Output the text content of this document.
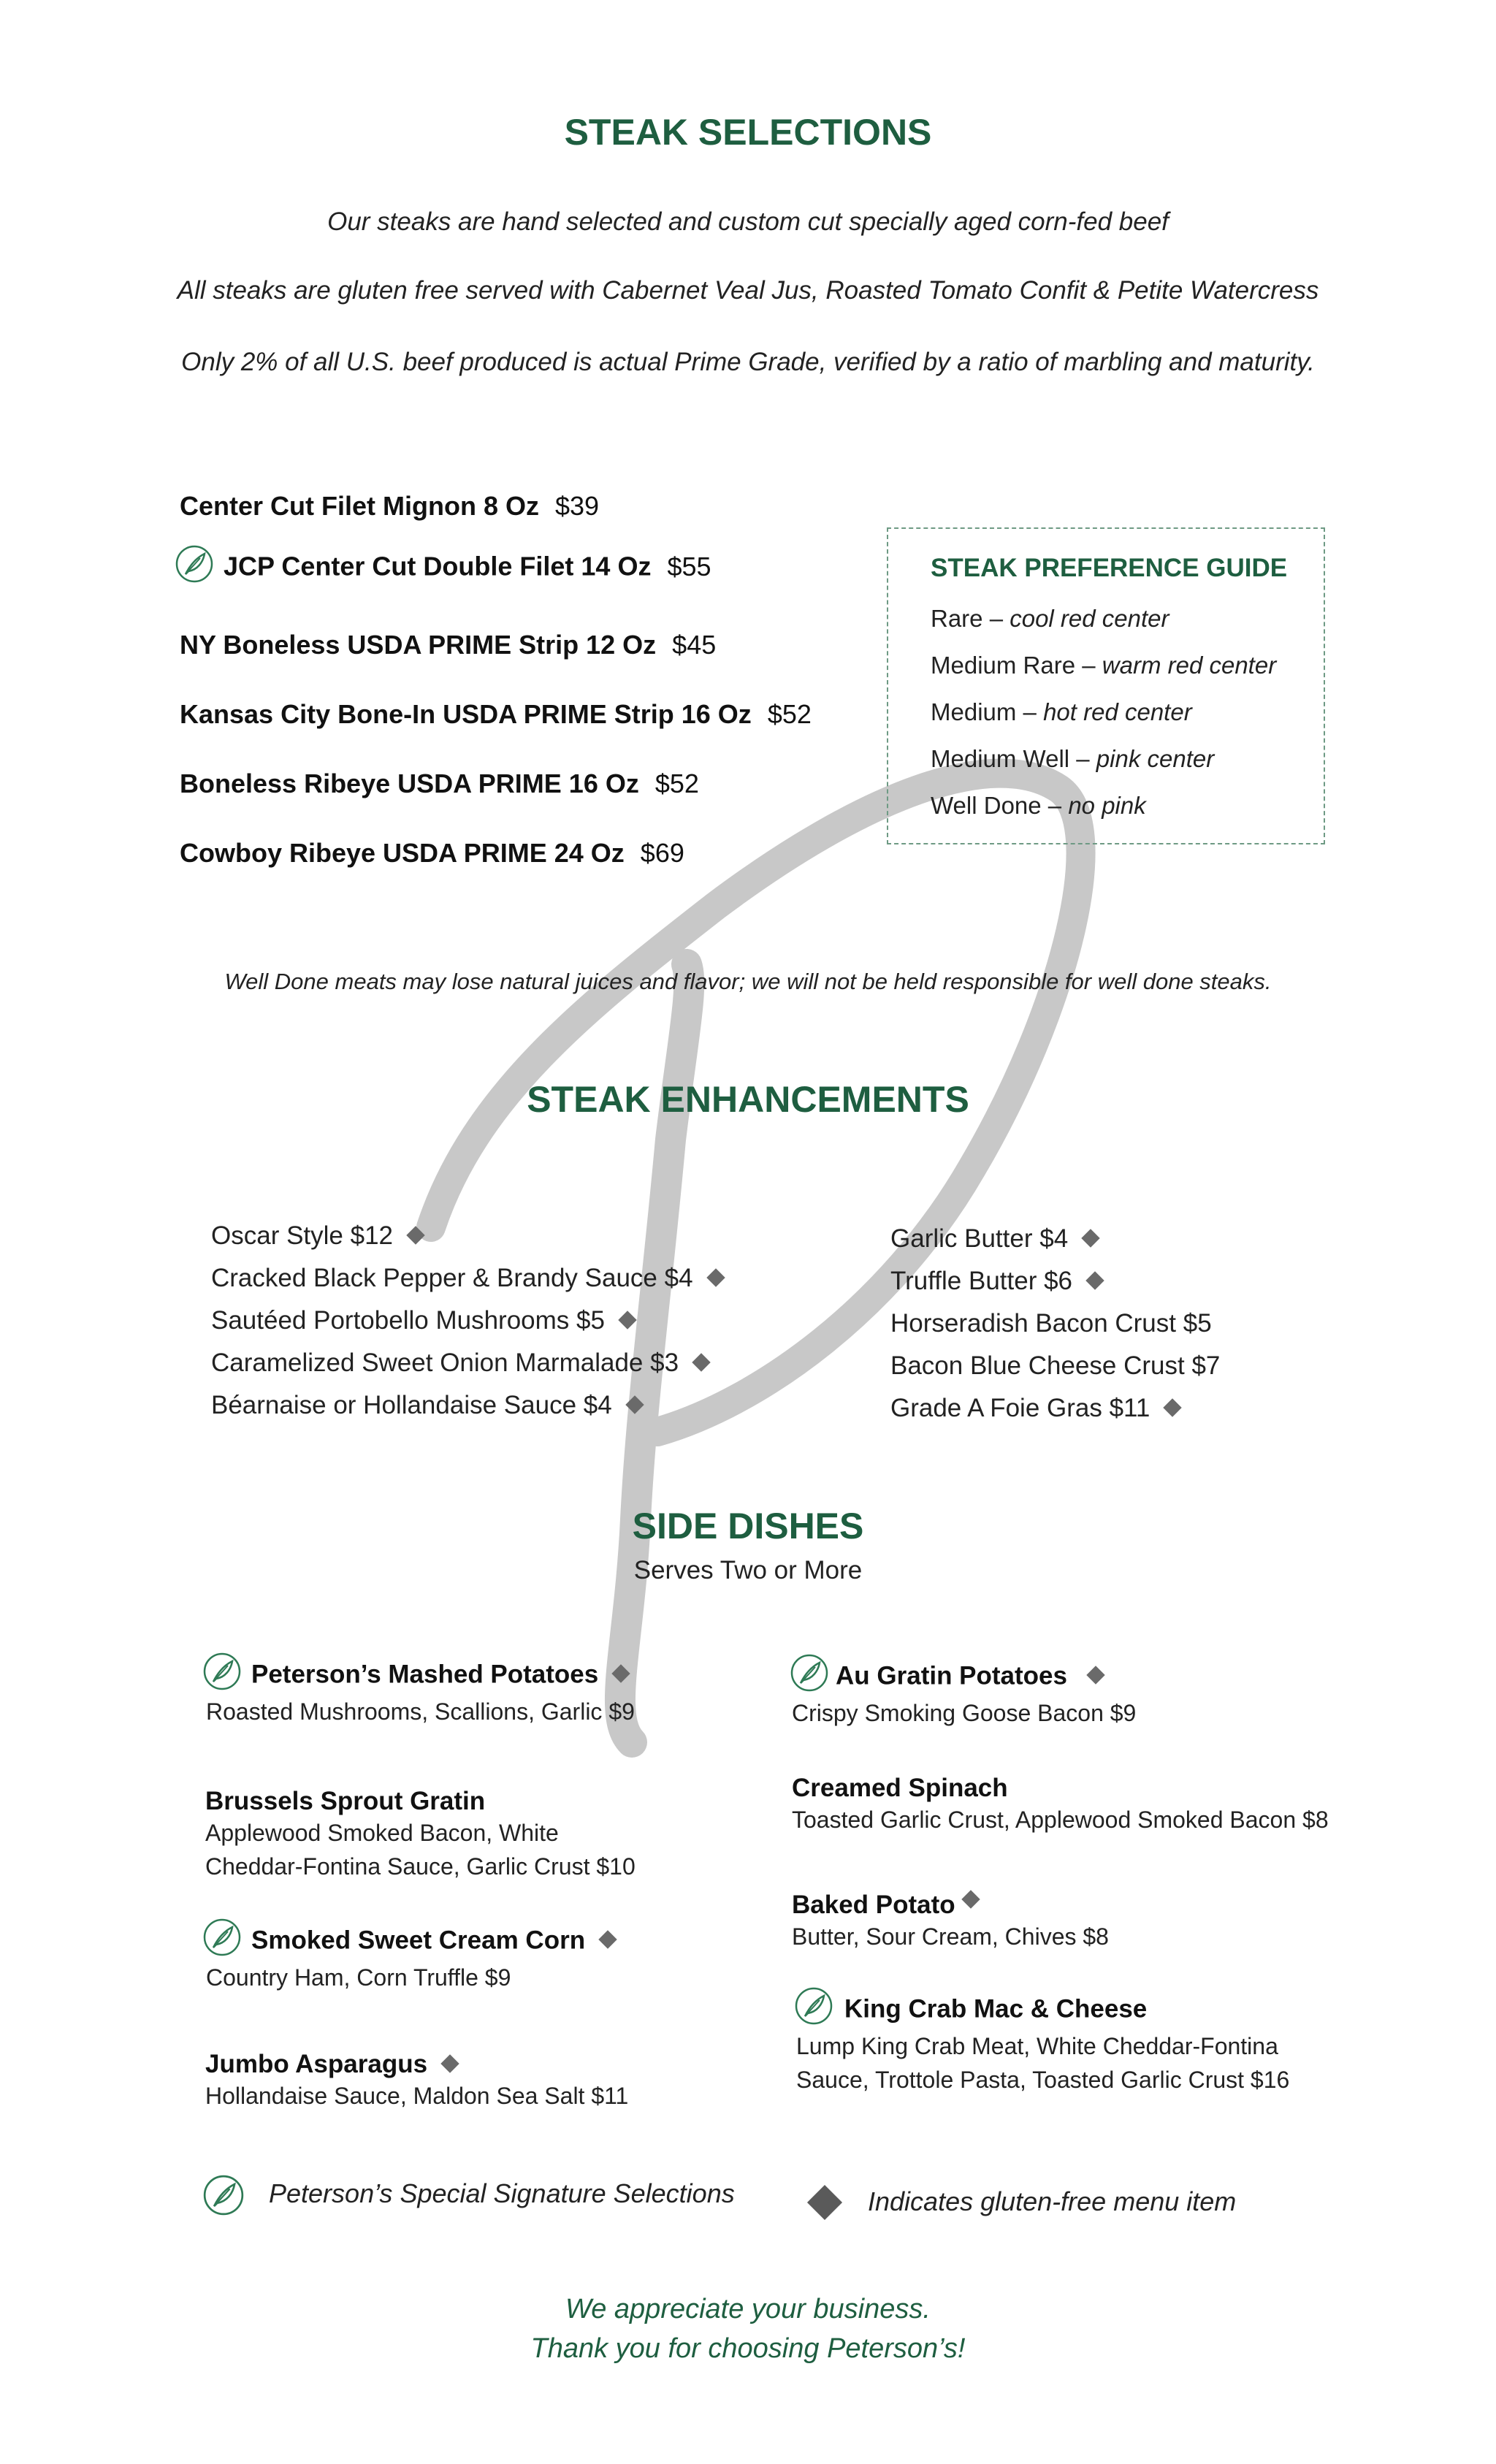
STEAK SELECTIONS
Our steaks are hand selected and custom cut specially aged corn-fed beef
All steaks are gluten free served with Cabernet Veal Jus, Roasted Tomato Confit & Petite Watercress
Only 2% of all U.S. beef produced is actual Prime Grade, verified by a ratio of marbling and maturity.
Center Cut Filet Mignon 8 Oz $39
JCP Center Cut Double Filet 14 Oz $55
NY Boneless USDA PRIME Strip 12 Oz $45
Kansas City Bone-In USDA PRIME Strip 16 Oz $52
Boneless Ribeye USDA PRIME 16 Oz $52
Cowboy Ribeye USDA PRIME 24 Oz $69
STEAK PREFERENCE GUIDE
Rare – cool red center
Medium Rare – warm red center
Medium – hot red center
Medium Well – pink center
Well Done – no pink
Well Done meats may lose natural juices and flavor; we will not be held responsible for well done steaks.
STEAK ENHANCEMENTS
Oscar Style $12
Cracked Black Pepper & Brandy Sauce $4
Sautéed Portobello Mushrooms $5
Caramelized Sweet Onion Marmalade $3
Béarnaise or Hollandaise Sauce $4
Garlic Butter $4
Truffle Butter $6
Horseradish Bacon Crust $5
Bacon Blue Cheese Crust $7
Grade A Foie Gras $11
SIDE DISHES
Serves Two or More
Peterson’s Mashed Potatoes
Roasted Mushrooms, Scallions, Garlic $9
Brussels Sprout Gratin
Applewood Smoked Bacon, White
Cheddar-Fontina Sauce, Garlic Crust $10
Smoked Sweet Cream Corn
Country Ham, Corn Truffle $9
Jumbo Asparagus
Hollandaise Sauce, Maldon Sea Salt $11
Au Gratin Potatoes
Crispy Smoking Goose Bacon $9
Creamed Spinach
Toasted Garlic Crust, Applewood Smoked Bacon $8
Baked Potato
Butter, Sour Cream, Chives $8
King Crab Mac & Cheese
Lump King Crab Meat, White Cheddar-Fontina
Sauce, Trottole Pasta, Toasted Garlic Crust $16
Peterson’s Special Signature Selections	Indicates gluten-free menu item
We appreciate your business.
Thank you for choosing Peterson’s!
